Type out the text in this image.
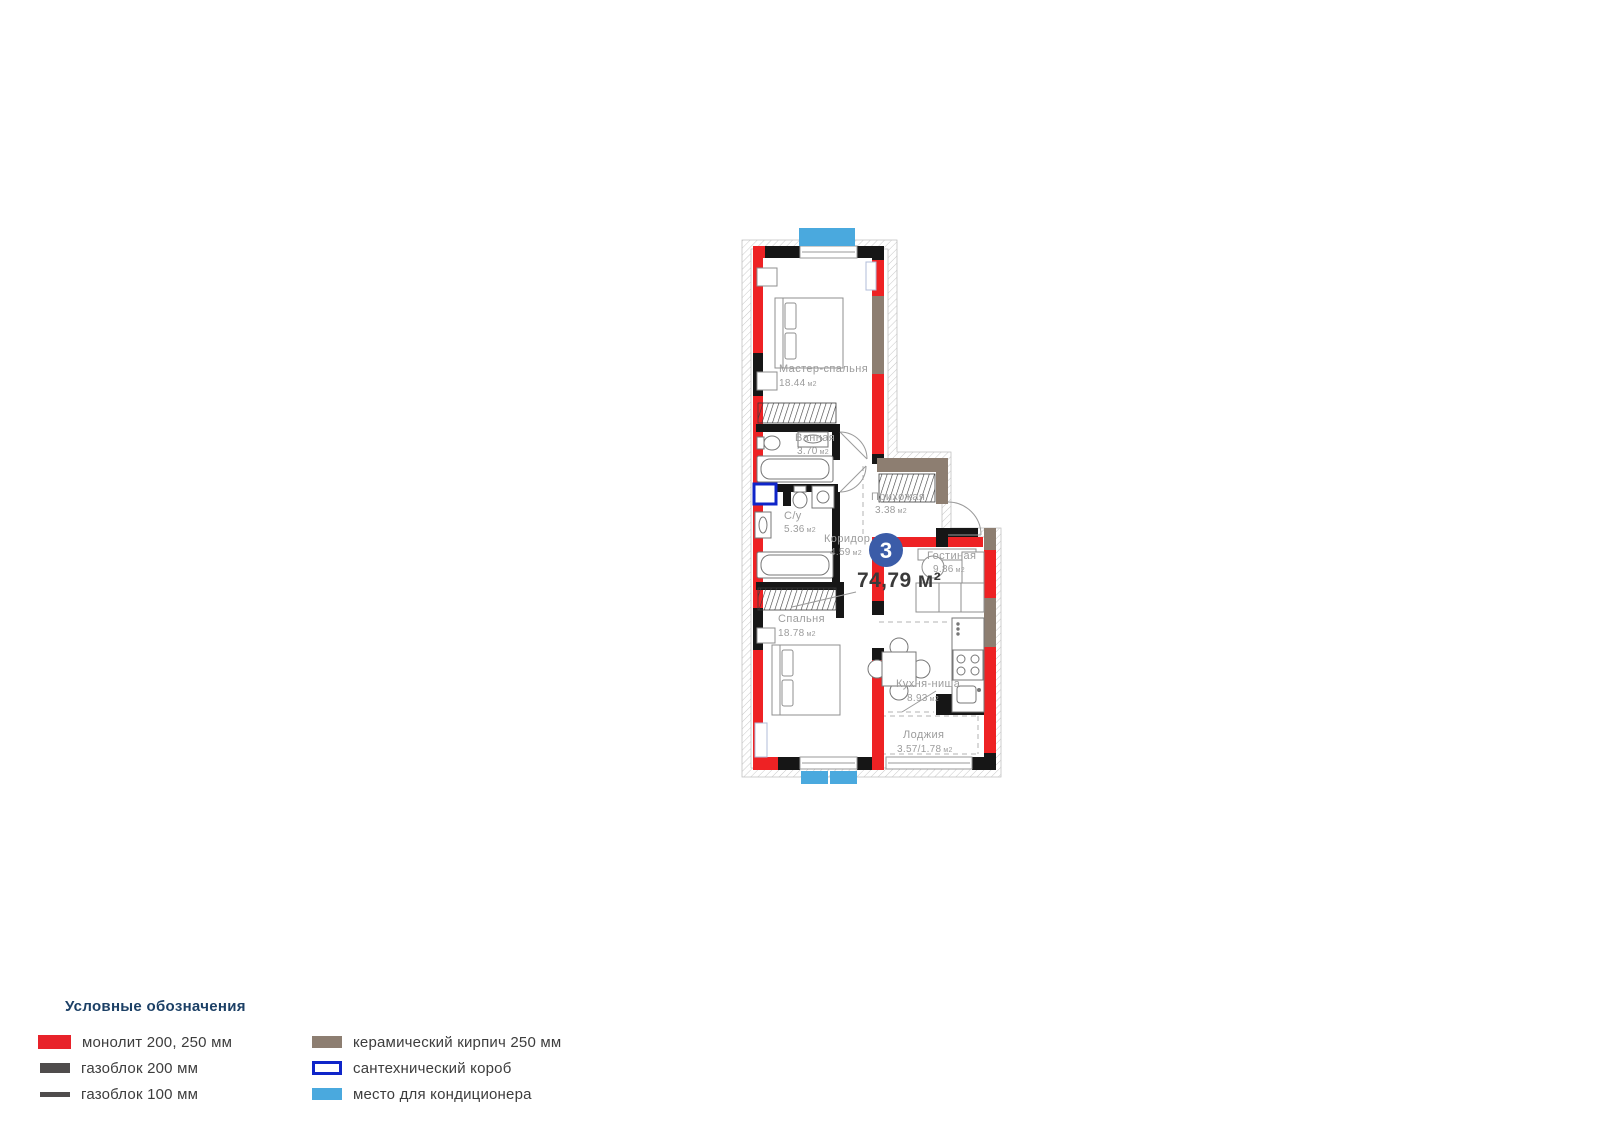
Мастер-спальня
18.44 м2
Ванная
3.70 м2
С/у
5.36 м2
Коридор
4.59 м2
Прихожая
3.38 м2
Гостиная
9.86 м2
Спальня
18.78 м2
Кухня-ниша
8.93 м2
Лоджия
3.57/1.78 м2
3
74,79 м²
Условные обозначения
монолит 200, 250 мм	керамический кирпич 250 мм
газоблок 200 мм	сантехнический короб
газоблок 100 мм	место для кондиционера
